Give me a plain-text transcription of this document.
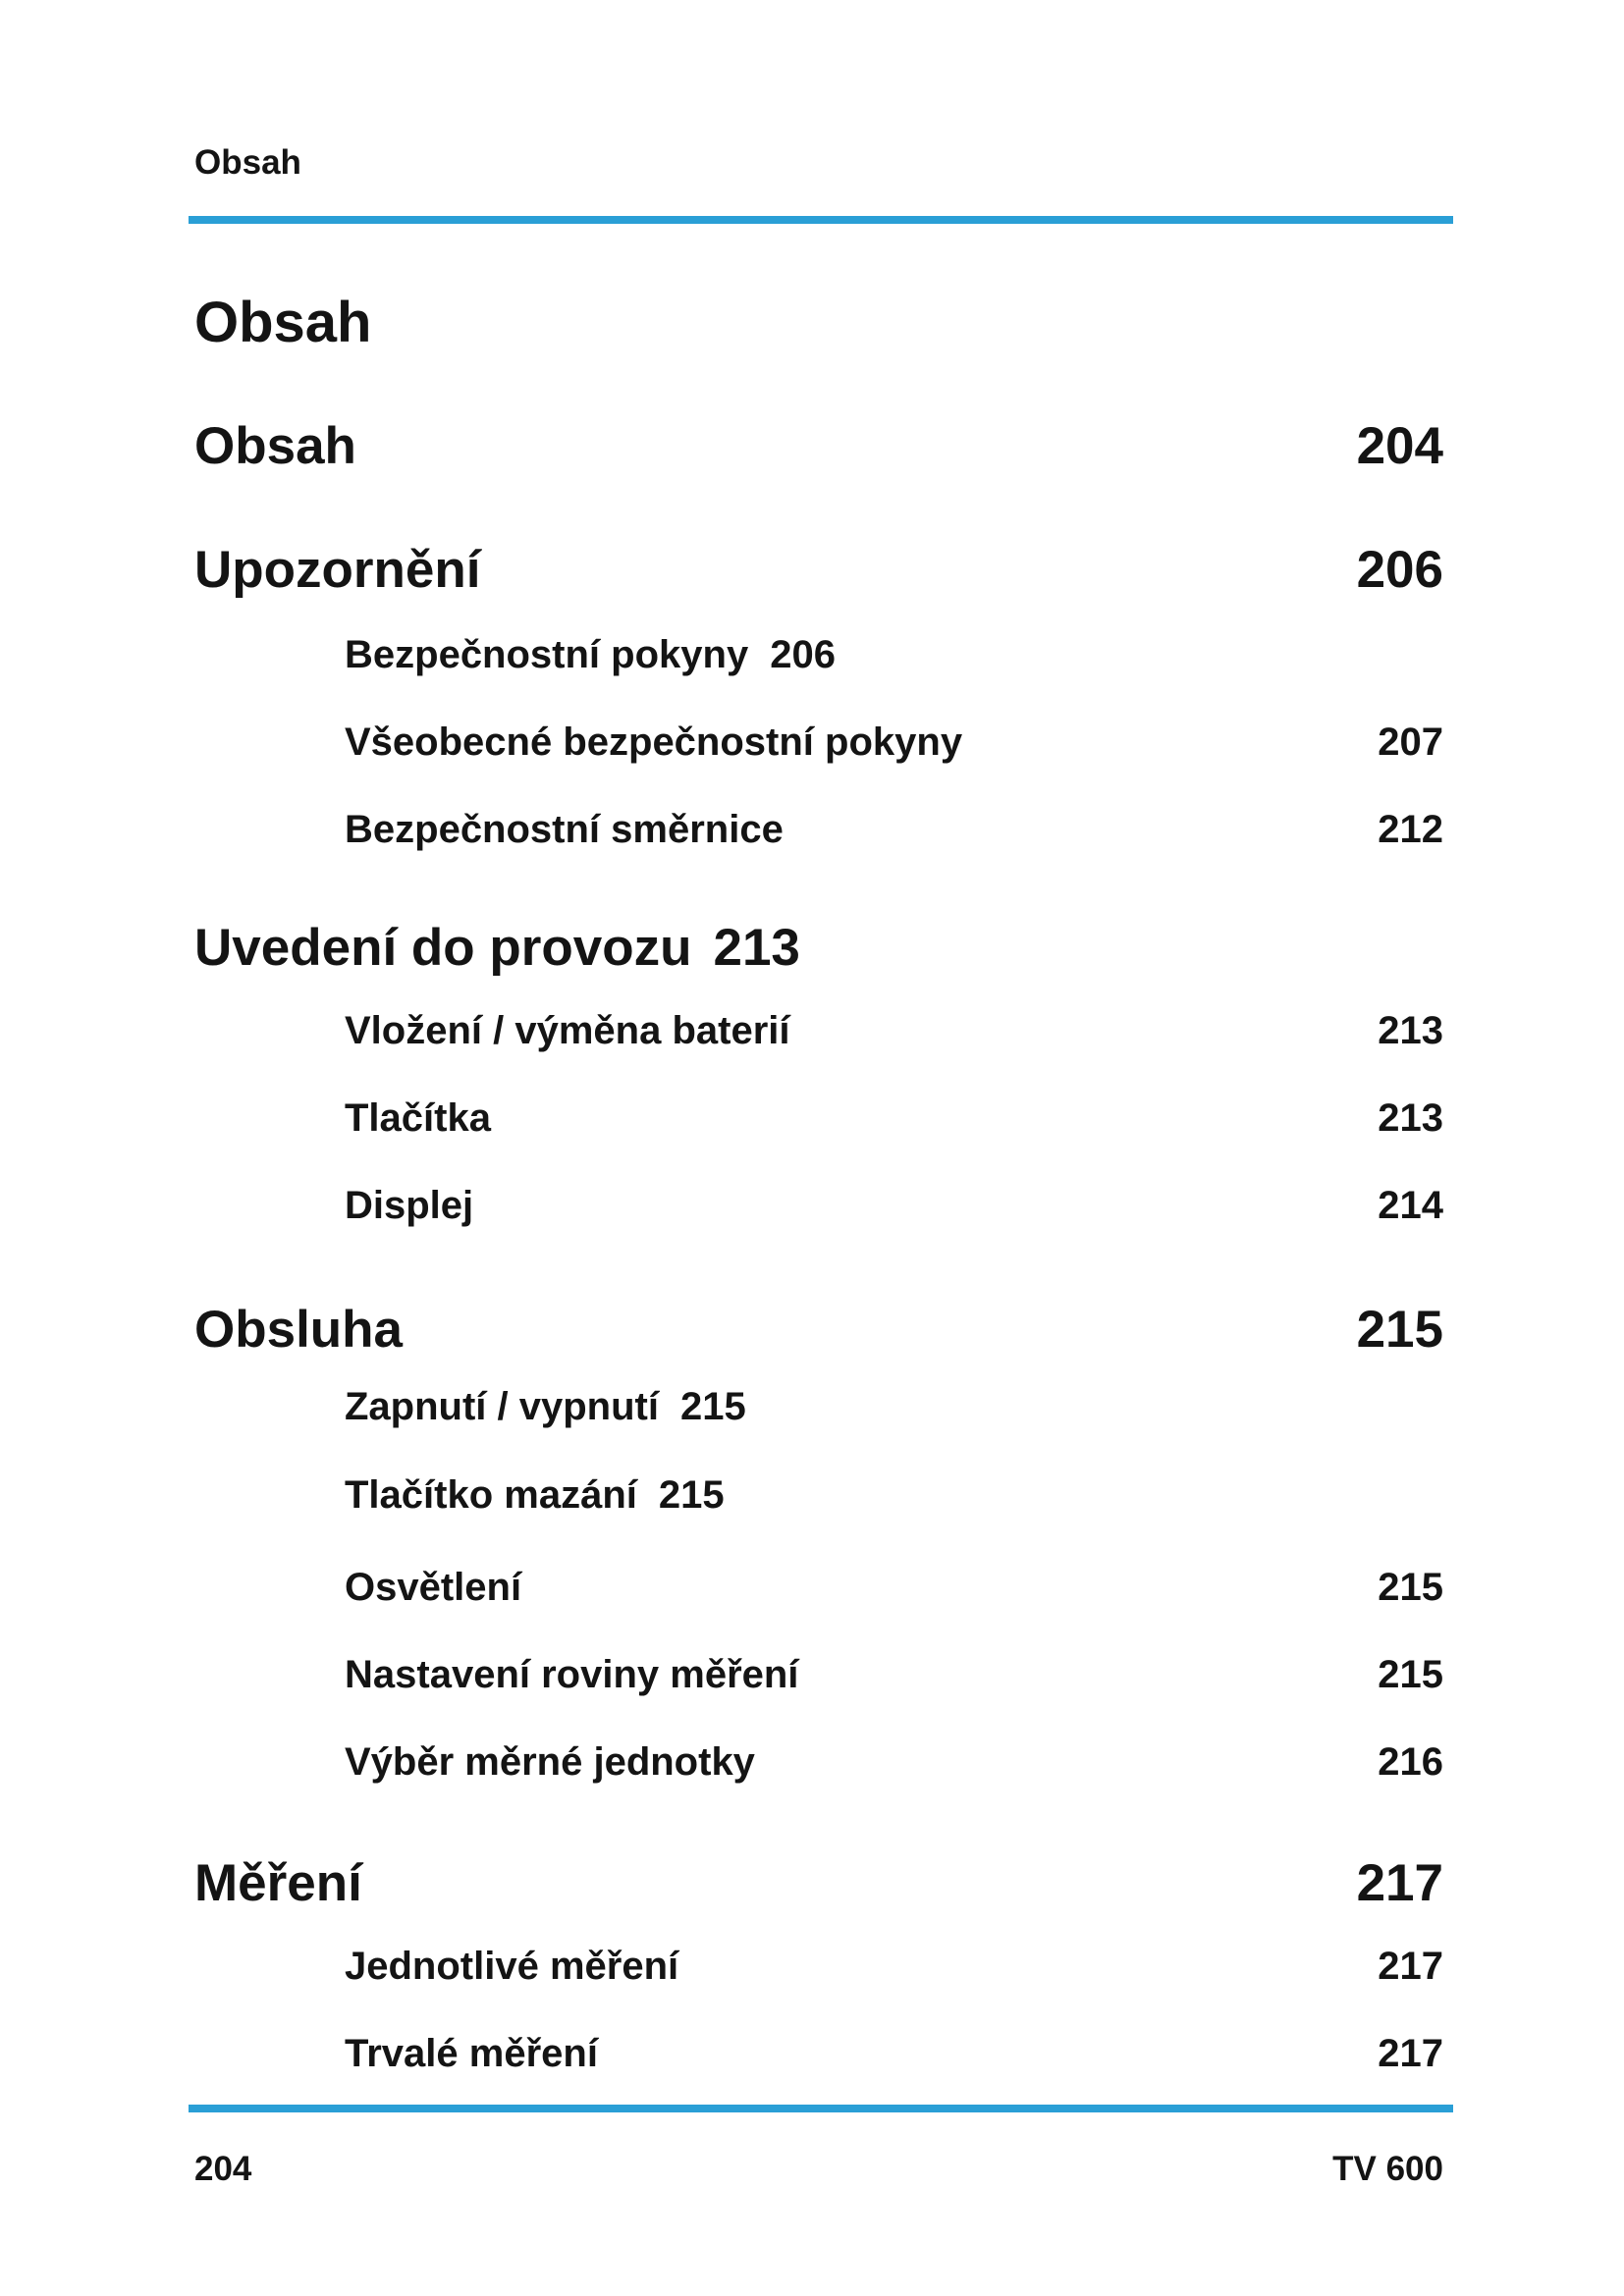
Obsah
Obsah
Obsah	204
Upozornění	206
Bezpečnostní pokyny 206
Všeobecné bezpečnostní pokyny	207
Bezpečnostní směrnice	212
Uvedení do provozu 213
Vložení / výměna baterií	213
Tlačítka	213
Displej	214
Obsluha	215
Zapnutí / vypnutí 215
Tlačítko mazání 215
Osvětlení	215
Nastavení roviny měření	215
Výběr měrné jednotky	216
Měření	217
Jednotlivé měření	217
Trvalé měření	217
204	TV 600
